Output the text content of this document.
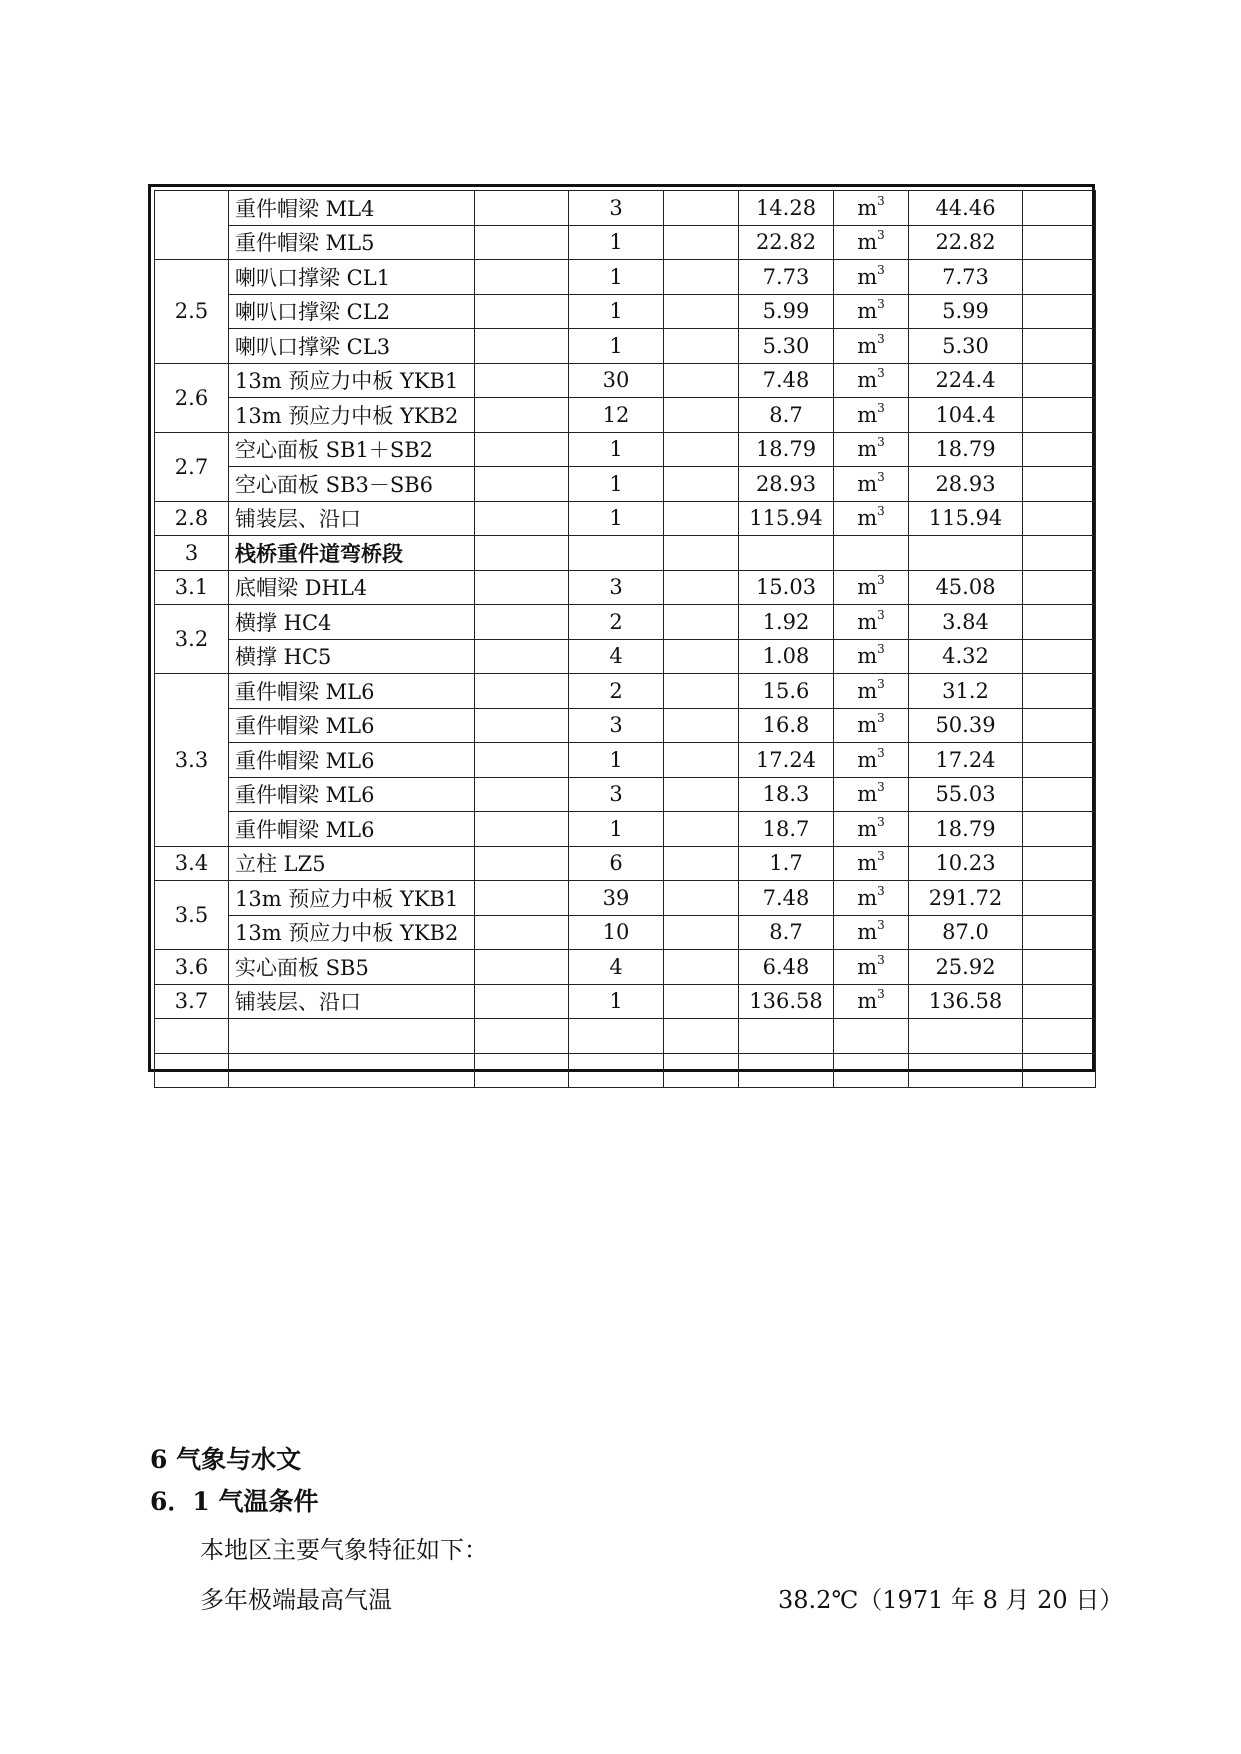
	重件帽梁 ML4		3		14.28	$m^3$	44.46	
	重件帽梁 ML5		1		22.82	$m^3$	22.82	
2.5	喇叭口撑梁 CL1		1		7.73	$m^3$	7.73	
	喇叭口撑梁 CL2		1		5.99	$m^3$	5.99	
	喇叭口撑梁 CL3		1		5.30	$m^3$	5.30	
2.6	13m 预应力中板 YKB1		30		7.48	$m^3$	224.4	
	13m 预应力中板 YKB2		12		8.7	$m^3$	104.4	
2.7	空心面板 SB1＋SB2		1		18.79	$m^3$	18.79	
	空心面板 SB3－SB6		1		28.93	$m^3$	28.93	
2.8	铺装层、沿口		1		115.94	$m^3$	115.94	
3	栈桥重件道弯桥段							
3.1	底帽梁 DHL4		3		15.03	$m^3$	45.08	
3.2	横撑 HC4		2		1.92	$m^3$	3.84	
	横撑 HC5		4		1.08	$m^3$	4.32	
3.3	重件帽梁 ML6		2		15.6	$m^3$	31.2	
	重件帽梁 ML6		3		16.8	$m^3$	50.39	
	重件帽梁 ML6		1		17.24	$m^3$	17.24	
	重件帽梁 ML6		3		18.3	$m^3$	55.03	
	重件帽梁 ML6		1		18.7	$m^3$	18.79	
3.4	立柱 LZ5		6		1.7	$m^3$	10.23	
3.5	13m 预应力中板 YKB1		39		7.48	$m^3$	291.72	
	13m 预应力中板 YKB2		10		8.7	$m^3$	87.0	
3.6	实心面板 SB5		4		6.48	$m^3$	25.92	
3.7	铺装层、沿口		1		136.58	$m^3$	136.58	

6 气象与水文
6．1 气温条件
本地区主要气象特征如下：
多年极端最高气温	38.2℃（1971 年 8 月 20 日）
